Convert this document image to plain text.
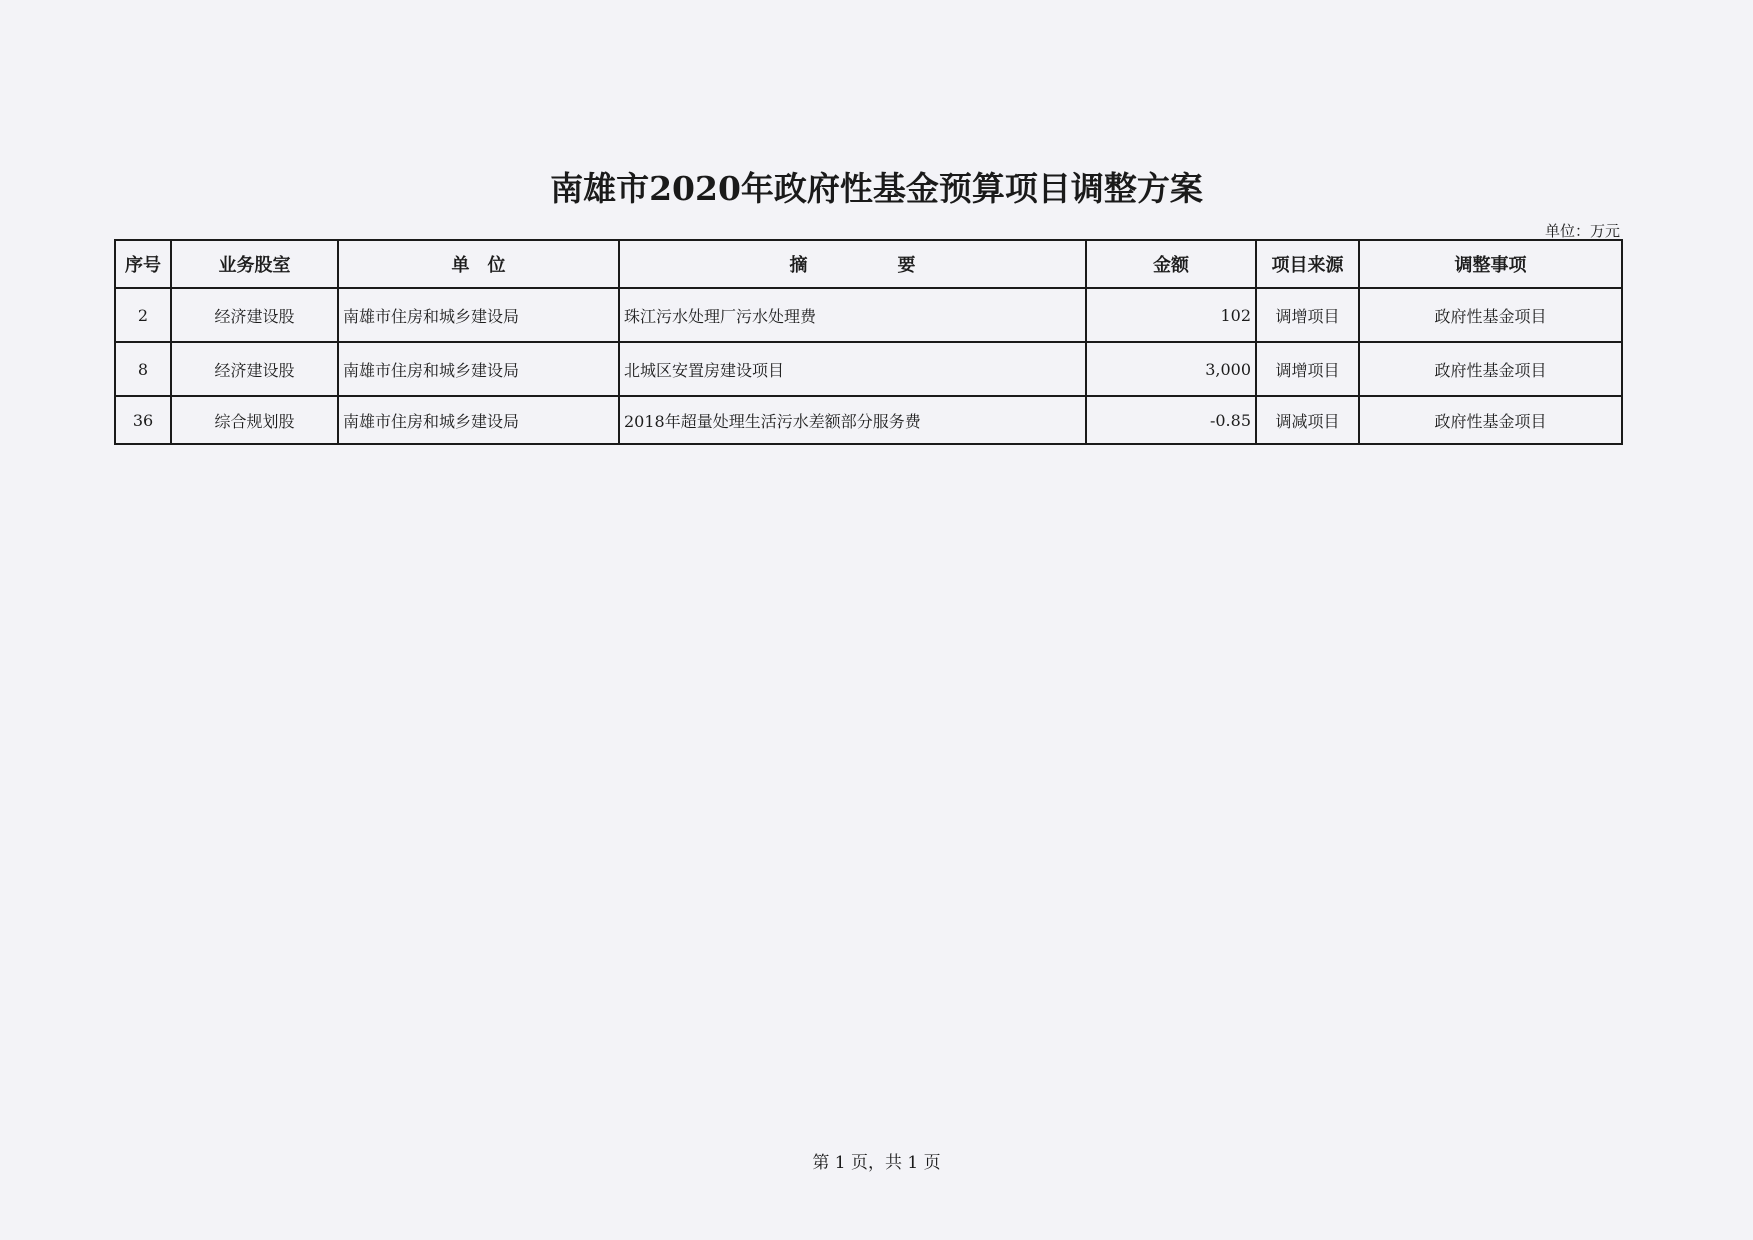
南雄市2020年政府性基金预算项目调整方案
单位：万元
序号	业务股室	单　位	摘　　　　　要	金额	项目来源	调整事项
2	经济建设股	南雄市住房和城乡建设局	珠江污水处理厂污水处理费	102	调增项目	政府性基金项目
8	经济建设股	南雄市住房和城乡建设局	北城区安置房建设项目	3,000	调增项目	政府性基金项目
36	综合规划股	南雄市住房和城乡建设局	2018年超量处理生活污水差额部分服务费	-0.85	调减项目	政府性基金项目
第 1 页，共 1 页
